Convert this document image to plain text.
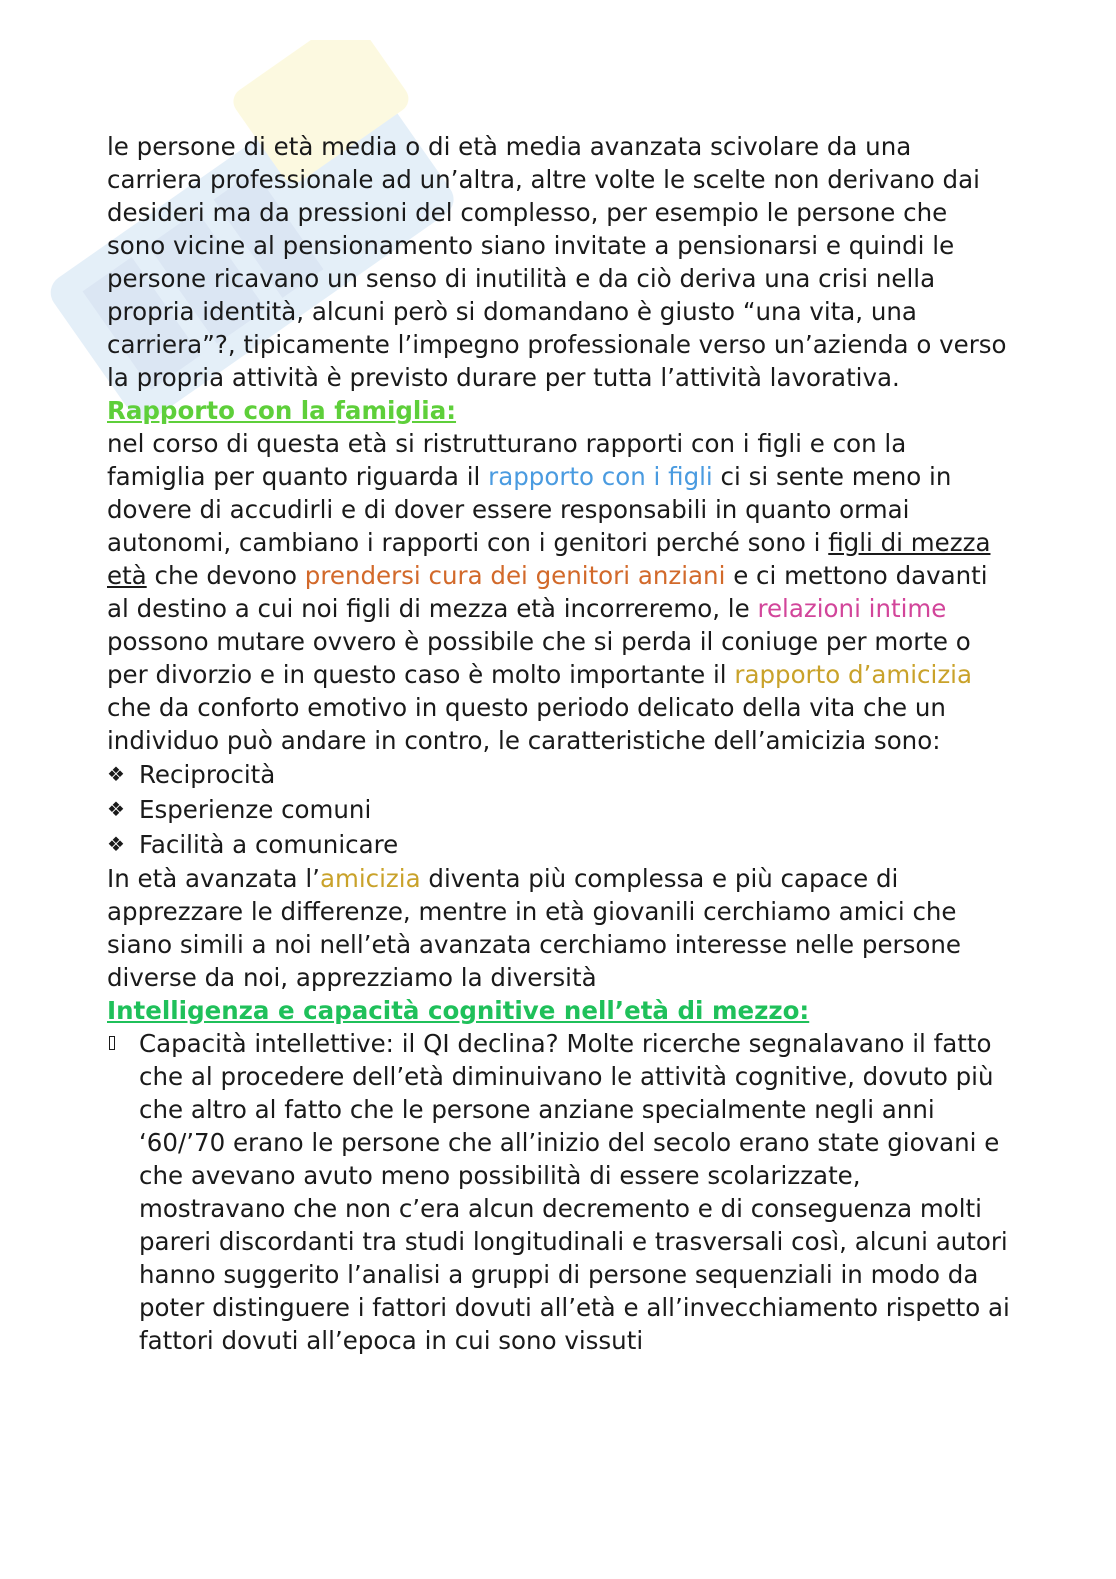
le persone di età media o di età media avanzata scivolare da una carriera professionale ad un’altra, altre volte le scelte non derivano dai desideri ma da pressioni del complesso, per esempio le persone che sono vicine al pensionamento siano invitate a pensionarsi e quindi le persone ricavano un senso di inutilità e da ciò deriva una crisi nella propria identità, alcuni però si domandano è giusto “una vita, una carriera”?, tipicamente l’impegno professionale verso un’azienda o verso la propria attività è previsto durare per tutta l’attività lavorativa.

Rapporto con la famiglia:

nel corso di questa età si ristrutturano rapporti con i figli e con la famiglia per quanto riguarda il rapporto con i figli ci si sente meno in dovere di accudirli e di dover essere responsabili in quanto ormai autonomi, cambiano i rapporti con i genitori perché sono i figli di mezza età che devono prendersi cura dei genitori anziani e ci mettono davanti al destino a cui noi figli di mezza età incorreremo, le relazioni intime possono mutare ovvero è possibile che si perda il coniuge per morte o per divorzio e in questo caso è molto importante il rapporto d’amicizia che da conforto emotivo in questo periodo delicato della vita che un individuo può andare in contro, le caratteristiche dell’amicizia sono:

❖ Reciprocità
❖ Esperienze comuni
❖ Facilità a comunicare

In età avanzata l’amicizia diventa più complessa e più capace di apprezzare le differenze, mentre in età giovanili cerchiamo amici che siano simili a noi nell’età avanzata cerchiamo interesse nelle persone diverse da noi, apprezziamo la diversità

Intelligenza e capacità cognitive nell’età di mezzo:

Capacità intellettive: il QI declina? Molte ricerche segnalavano il fatto che al procedere dell’età diminuivano le attività cognitive, dovuto più che altro al fatto che le persone anziane specialmente negli anni ‘60/’70 erano le persone che all’inizio del secolo erano state giovani e che avevano avuto meno possibilità di essere scolarizzate, mostravano che non c’era alcun decremento e di conseguenza molti pareri discordanti tra studi longitudinali e trasversali così, alcuni autori hanno suggerito l’analisi a gruppi di persone sequenziali in modo da poter distinguere i fattori dovuti all’età e all’invecchiamento rispetto ai fattori dovuti all’epoca in cui sono vissuti
